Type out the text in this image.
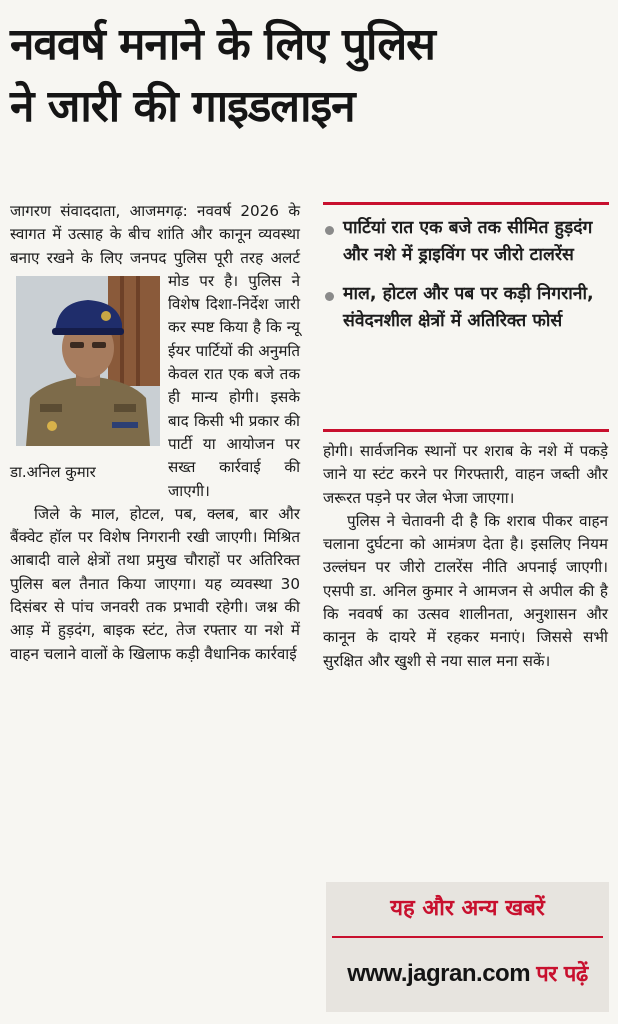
नववर्ष मनाने के लिए पुलिस
ने जारी की गाइडलाइन

जागरण संवाददाता, आजमगढ़: नववर्ष 2026 के स्वागत में उत्साह के बीच शांति और कानून व्यवस्था बनाए रखने के लिए जनपद पुलिस पूरी तरह अलर्ट मोड पर है। पुलिस ने
डा.अनिल कुमार
विशेष दिशा-निर्देश जारी कर स्पष्ट किया है कि न्यू ईयर पार्टियों की अनुमति केवल रात एक बजे तक ही मान्य होगी। इसके बाद किसी भी प्रकार की पार्टी या आयोजन पर सख्त कार्रवाई की जाएगी।

जिले के माल, होटल, पब, क्लब, बार और बैंक्वेट हॉल पर विशेष निगरानी रखी जाएगी। मिश्रित आबादी वाले क्षेत्रों तथा प्रमुख चौराहों पर अतिरिक्त पुलिस बल तैनात किया जाएगा। यह व्यवस्था 30 दिसंबर से पांच जनवरी तक प्रभावी रहेगी। जश्न की आड़ में हुड़दंग, बाइक स्टंट, तेज रफ्तार या नशे में वाहन चलाने वालों के खिलाफ कड़ी वैधानिक कार्रवाई

पार्टियां रात एक बजे तक सीमित हुड़दंग और नशे में ड्राइविंग पर जीरो टालरेंस
माल, होटल और पब पर कड़ी निगरानी, संवेदनशील क्षेत्रों में अतिरिक्त फोर्स

होगी। सार्वजनिक स्थानों पर शराब के नशे में पकड़े जाने या स्टंट करने पर गिरफ्तारी, वाहन जब्ती और जरूरत पड़ने पर जेल भेजा जाएगा।

पुलिस ने चेतावनी दी है कि शराब पीकर वाहन चलाना दुर्घटना को आमंत्रण देता है। इसलिए नियम उल्लंघन पर जीरो टालरेंस नीति अपनाई जाएगी। एसपी डा. अनिल कुमार ने आमजन से अपील की है कि नववर्ष का उत्सव शालीनता, अनुशासन और कानून के दायरे में रहकर मनाएं। जिससे सभी सुरक्षित और खुशी से नया साल मना सकें।

यह और अन्य खबरें
www.jagran.com पर पढ़ें
